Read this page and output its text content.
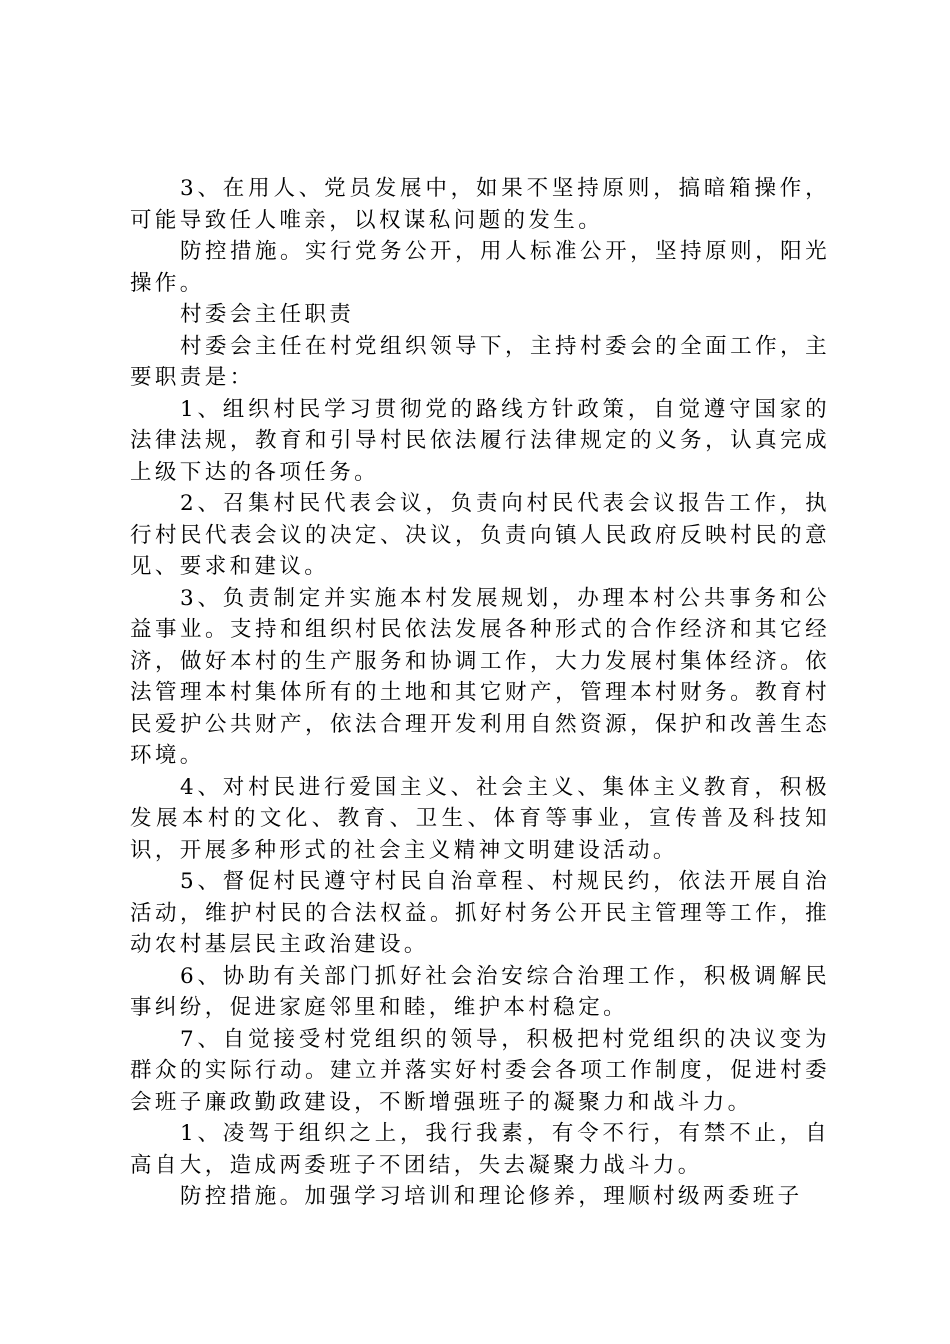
3、在用人、党员发展中，如果不坚持原则，搞暗箱操作，可能导致任人唯亲，以权谋私问题的发生。

防控措施。实行党务公开，用人标准公开，坚持原则，阳光操作。

村委会主任职责

村委会主任在村党组织领导下，主持村委会的全面工作，主要职责是：

1、组织村民学习贯彻党的路线方针政策，自觉遵守国家的法律法规，教育和引导村民依法履行法律规定的义务，认真完成上级下达的各项任务。

2、召集村民代表会议，负责向村民代表会议报告工作，执行村民代表会议的决定、决议，负责向镇人民政府反映村民的意见、要求和建议。

3、负责制定并实施本村发展规划，办理本村公共事务和公益事业。支持和组织村民依法发展各种形式的合作经济和其它经济，做好本村的生产服务和协调工作，大力发展村集体经济。依法管理本村集体所有的土地和其它财产，管理本村财务。教育村民爱护公共财产，依法合理开发利用自然资源，保护和改善生态环境。

4、对村民进行爱国主义、社会主义、集体主义教育，积极发展本村的文化、教育、卫生、体育等事业，宣传普及科技知识，开展多种形式的社会主义精神文明建设活动。

5、督促村民遵守村民自治章程、村规民约，依法开展自治活动，维护村民的合法权益。抓好村务公开民主管理等工作，推动农村基层民主政治建设。

6、协助有关部门抓好社会治安综合治理工作，积极调解民事纠纷，促进家庭邻里和睦，维护本村稳定。

7、自觉接受村党组织的领导，积极把村党组织的决议变为群众的实际行动。建立并落实好村委会各项工作制度，促进村委会班子廉政勤政建设，不断增强班子的凝聚力和战斗力。

1、凌驾于组织之上，我行我素，有令不行，有禁不止，自高自大，造成两委班子不团结，失去凝聚力战斗力。

防控措施。加强学习培训和理论修养，理顺村级两委班子
